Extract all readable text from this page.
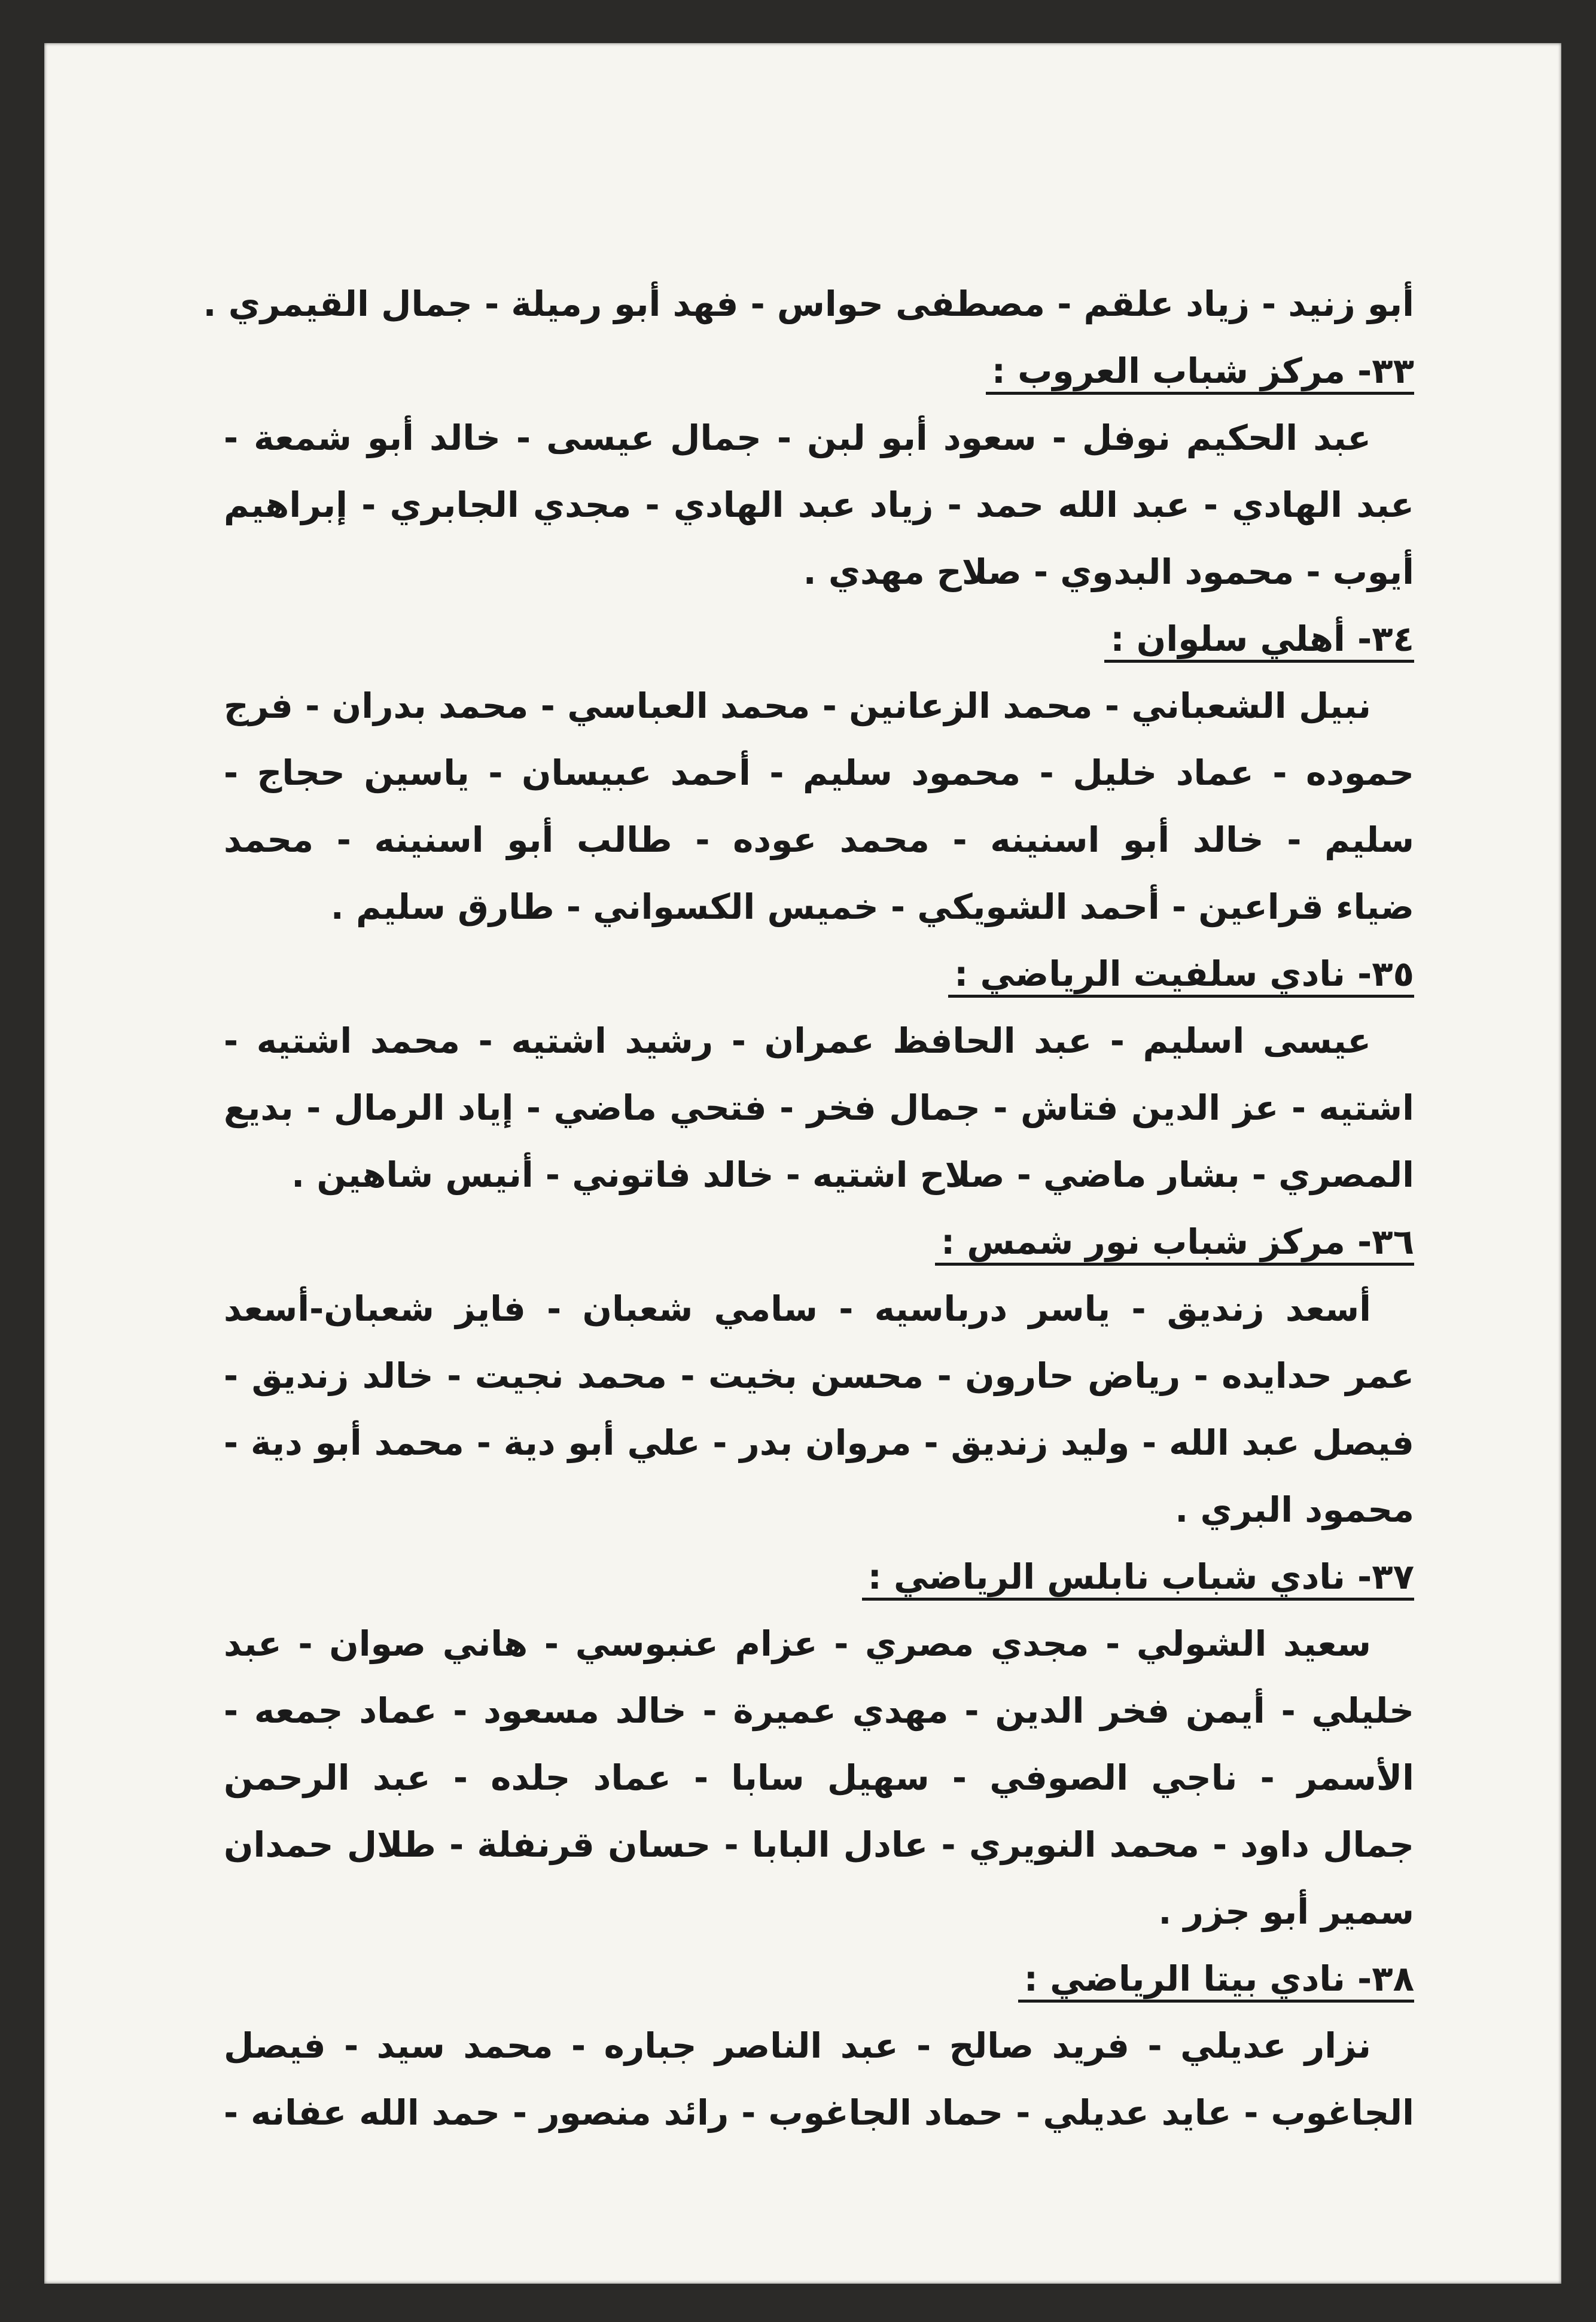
أبو زنيد - زياد علقم - مصطفى حواس - فهد أبو رميلة - جمال القيمري .
٣٣- مركز شباب العروب :
عبد الحكيم نوفل - سعود أبو لبن - جمال عيسى - خالد أبو شمعة -
عبد الهادي - عبد الله حمد - زياد عبد الهادي - مجدي الجابري - إبراهيم
أيوب - محمود البدوي - صلاح مهدي .
٣٤- أهلي سلوان :
نبيل الشعباني - محمد الزعانين - محمد العباسي - محمد بدران - فرج
حموده - عماد خليل - محمود سليم - أحمد عبيسان - ياسين حجاج -
سليم - خالد أبو اسنينه - محمد عوده - طالب أبو اسنينه - محمد
ضياء قراعين - أحمد الشويكي - خميس الكسواني - طارق سليم .
٣٥- نادي سلفيت الرياضي :
عيسى اسليم - عبد الحافظ عمران - رشيد اشتيه - محمد اشتيه -
اشتيه - عز الدين فتاش - جمال فخر - فتحي ماضي - إياد الرمال - بديع
المصري - بشار ماضي - صلاح اشتيه - خالد فاتوني - أنيس شاهين .
٣٦- مركز شباب نور شمس :
أسعد زنديق - ياسر درباسيه - سامي شعبان - فايز شعبان-أسعد
عمر حدايده - رياض حارون - محسن بخيت - محمد نجيت - خالد زنديق -
فيصل عبد الله - وليد زنديق - مروان بدر - علي أبو دية - محمد أبو دية -
محمود البري .
٣٧- نادي شباب نابلس الرياضي :
سعيد الشولي - مجدي مصري - عزام عنبوسي - هاني صوان - عبد
خليلي - أيمن فخر الدين - مهدي عميرة - خالد مسعود - عماد جمعه -
الأسمر - ناجي الصوفي - سهيل سابا - عماد جلده - عبد الرحمن
جمال داود - محمد النويري - عادل البابا - حسان قرنفلة - طلال حمدان
سمير أبو جزر .
٣٨- نادي بيتا الرياضي :
نزار عديلي - فريد صالح - عبد الناصر جباره - محمد سيد - فيصل
الجاغوب - عايد عديلي - حماد الجاغوب - رائد منصور - حمد الله عفانه -
